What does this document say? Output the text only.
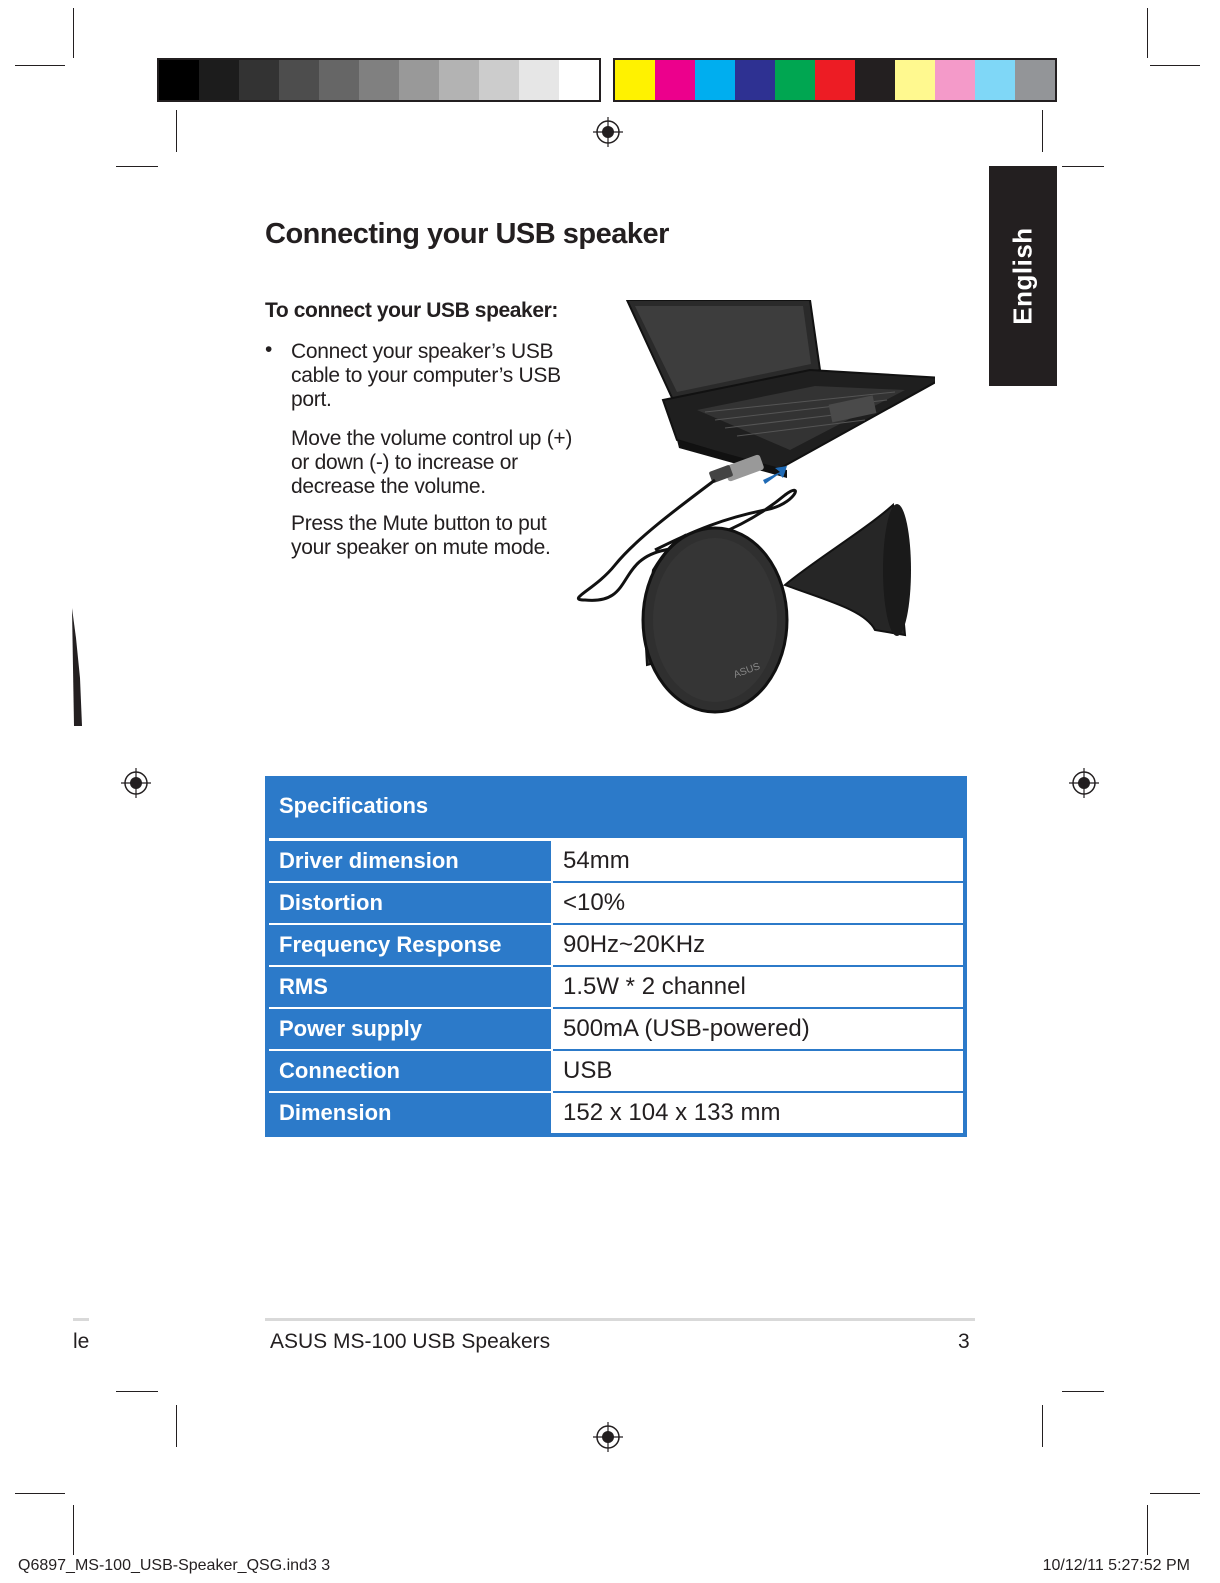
English
Connecting your USB speaker
To connect your USB speaker:
• Connect your speaker’s USB cable to your computer’s USB port.
Move the volume control up (+) or down (-) to increase or decrease the volume.
Press the Mute button to put your speaker on mute mode.
ASUS
Specifications	
Driver dimension	54mm
Distortion	<10%
Frequency Response	90Hz~20KHz
RMS	1.5W * 2 channel
Power supply	500mA (USB-powered)
Connection	USB
Dimension	152 x 104 x 133 mm
le	ASUS MS-100 USB Speakers	3
Q6897_MS-100_USB-Speaker_QSG.ind3 3	10/12/11 5:27:52 PM
